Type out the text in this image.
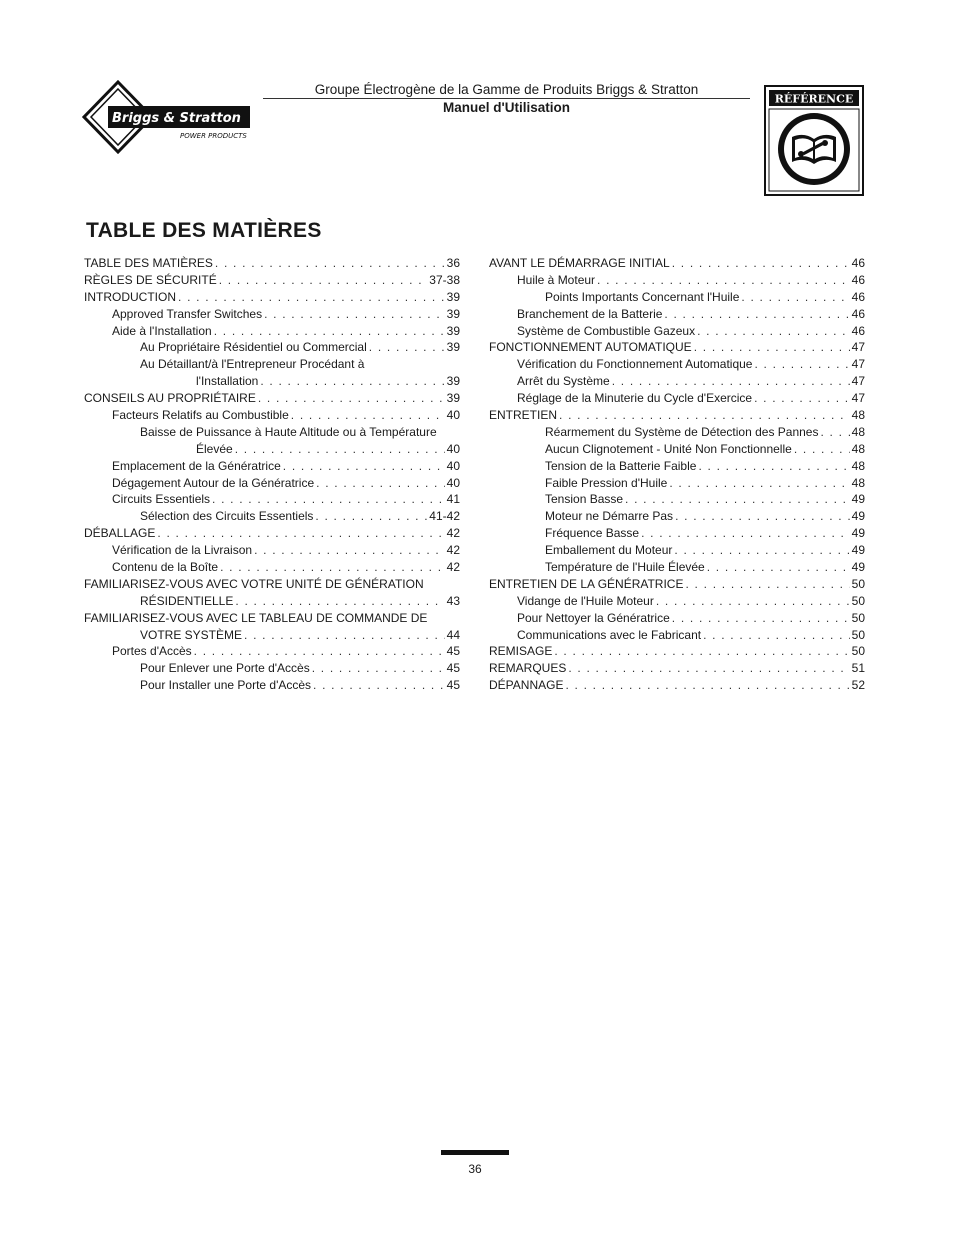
Briggs & Stratton
POWER PRODUCTS
Groupe Électrogène de la Gamme de Produits Briggs & Stratton
Manuel d'Utilisation
RÉFÉRENCE
TABLE DES MATIÈRES
TABLE DES MATIÈRES . . .	36
RÈGLES DE SÉCURITÉ . . .	37-38
INTRODUCTION . . .	39
Approved Transfer Switches . . .	39
Aide à l'Installation . . .	39
Au Propriétaire Résidentiel ou Commercial . . .	39
Au Détaillant/à l'Entrepreneur Procédant à
l'Installation . . .	39
CONSEILS AU PROPRIÉTAIRE . . .	39
Facteurs Relatifs au Combustible . . .	40
Baisse de Puissance à Haute Altitude ou à Température
Élevée . . .	40
Emplacement de la Génératrice . . .	40
Dégagement Autour de la Génératrice . . .	40
Circuits Essentiels . . .	41
Sélection des Circuits Essentiels . . .	41-42
DÉBALLAGE . . .	42
Vérification de la Livraison . . .	42
Contenu de la Boîte . . .	42
FAMILIARISEZ-VOUS AVEC VOTRE UNITÉ DE GÉNÉRATION
RÉSIDENTIELLE . . .	43
FAMILIARISEZ-VOUS AVEC LE TABLEAU DE COMMANDE DE
VOTRE SYSTÈME . . .	44
Portes d'Accès . . .	45
Pour Enlever une Porte d'Accès . . .	45
Pour Installer une Porte d'Accès . . .	45
AVANT LE DÉMARRAGE INITIAL . . .	46
Huile à Moteur . . .	46
Points Importants Concernant l'Huile . . .	46
Branchement de la Batterie . . .	46
Système de Combustible Gazeux . . .	46
FONCTIONNEMENT AUTOMATIQUE . . .	47
Vérification du Fonctionnement Automatique . . .	47
Arrêt du Système . . .	47
Réglage de la Minuterie du Cycle d'Exercice . . .	47
ENTRETIEN . . .	48
Réarmement du Système de Détection des Pannes . . .	48
Aucun Clignotement - Unité Non Fonctionnelle . . .	48
Tension de la Batterie Faible . . .	48
Faible Pression d'Huile . . .	48
Tension Basse . . .	49
Moteur ne Démarre Pas . . .	49
Fréquence Basse . . .	49
Emballement du Moteur . . .	49
Température de l'Huile Élevée . . .	49
ENTRETIEN DE LA GÉNÉRATRICE . . .	50
Vidange de l'Huile Moteur . . .	50
Pour Nettoyer la Génératrice . . .	50
Communications avec le Fabricant . . .	50
REMISAGE . . .	50
REMARQUES . . .	51
DÉPANNAGE . . .	52
36
